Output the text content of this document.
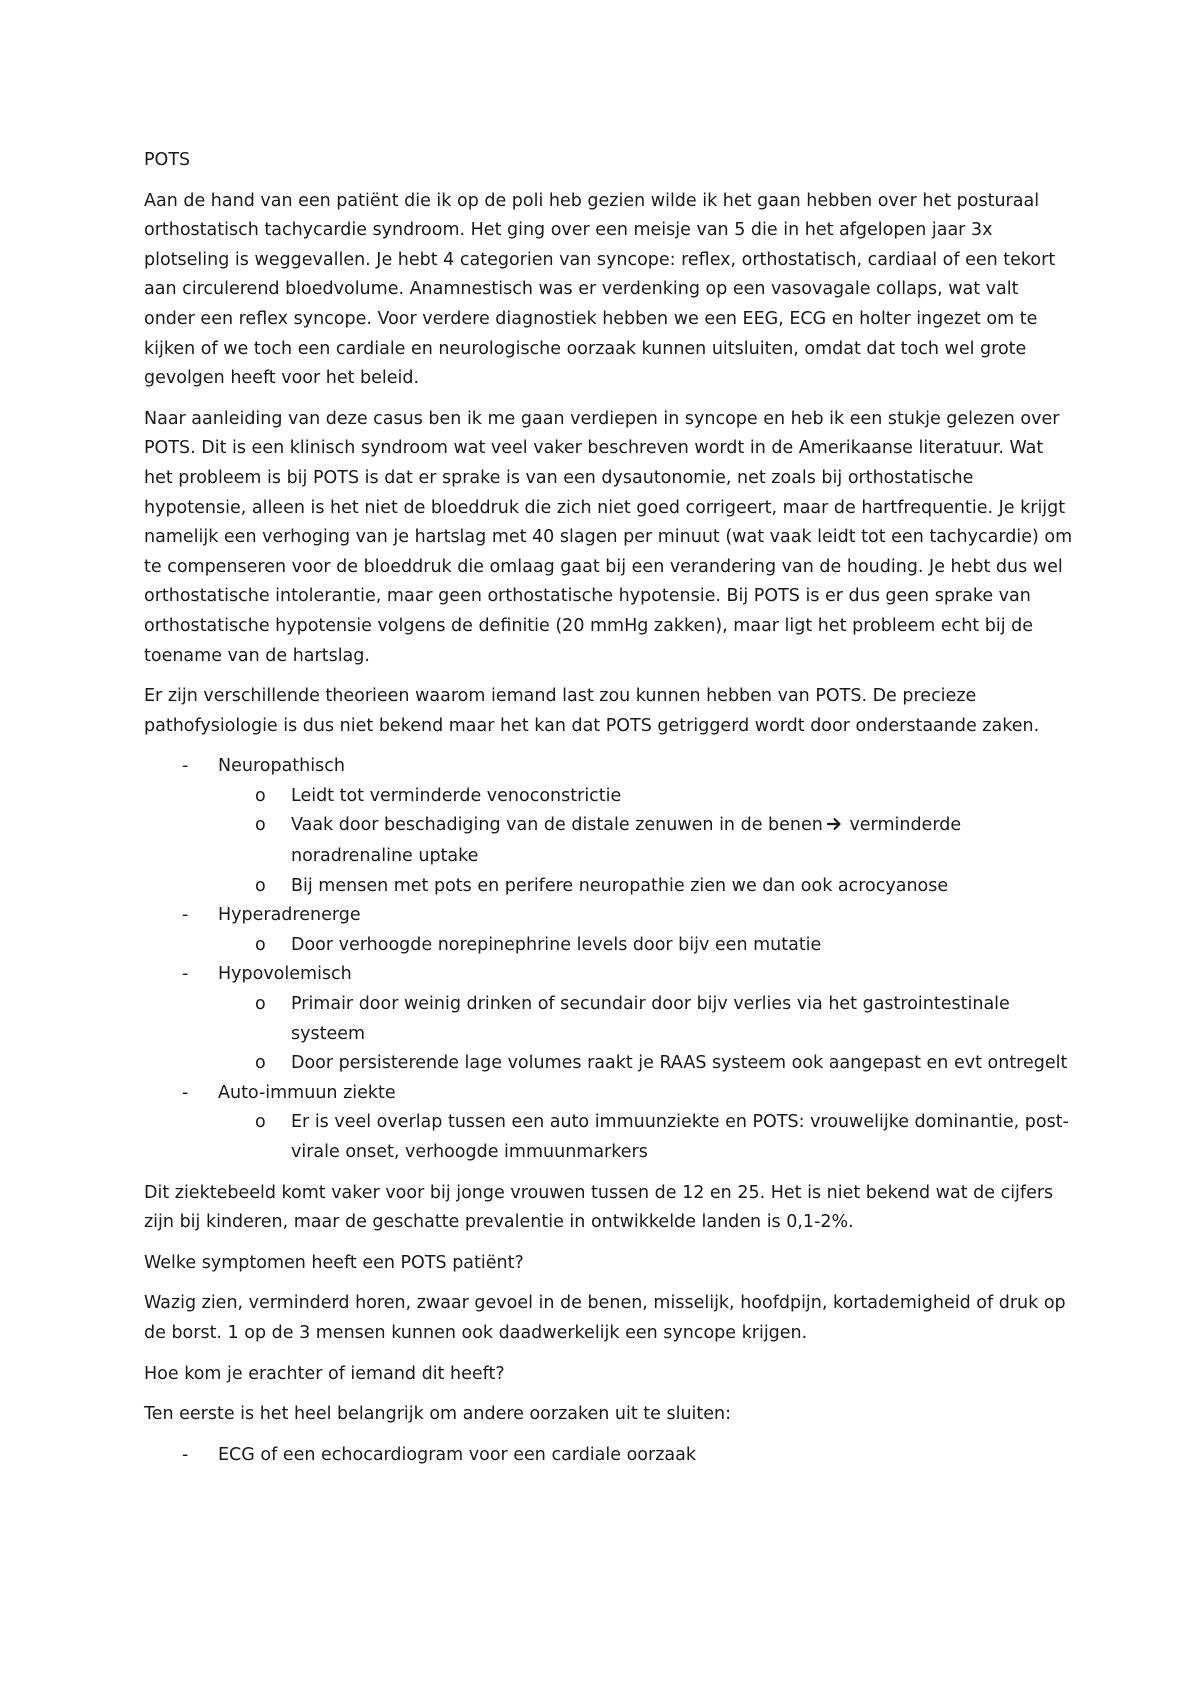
POTS

Aan de hand van een patiënt die ik op de poli heb gezien wilde ik het gaan hebben over het posturaal orthostatisch tachycardie syndroom. Het ging over een meisje van 5 die in het afgelopen jaar 3x plotseling is weggevallen. Je hebt 4 categorien van syncope: reflex, orthostatisch, cardiaal of een tekort aan circulerend bloedvolume. Anamnestisch was er verdenking op een vasovagale collaps, wat valt onder een reflex syncope. Voor verdere diagnostiek hebben we een EEG, ECG en holter ingezet om te kijken of we toch een cardiale en neurologische oorzaak kunnen uitsluiten, omdat dat toch wel grote gevolgen heeft voor het beleid.

Naar aanleiding van deze casus ben ik me gaan verdiepen in syncope en heb ik een stukje gelezen over POTS. Dit is een klinisch syndroom wat veel vaker beschreven wordt in de Amerikaanse literatuur. Wat het probleem is bij POTS is dat er sprake is van een dysautonomie, net zoals bij orthostatische hypotensie, alleen is het niet de bloeddruk die zich niet goed corrigeert, maar de hartfrequentie. Je krijgt namelijk een verhoging van je hartslag met 40 slagen per minuut (wat vaak leidt tot een tachycardie) om te compenseren voor de bloeddruk die omlaag gaat bij een verandering van de houding. Je hebt dus wel orthostatische intolerantie, maar geen orthostatische hypotensie. Bij POTS is er dus geen sprake van orthostatische hypotensie volgens de definitie (20 mmHg zakken), maar ligt het probleem echt bij de toename van de hartslag.

Er zijn verschillende theorieen waarom iemand last zou kunnen hebben van POTS. De precieze pathofysiologie is dus niet bekend maar het kan dat POTS getriggerd wordt door onderstaande zaken.

- Neuropathisch
o Leidt tot verminderde venoconstrictie
o Vaak door beschadiging van de distale zenuwen in de benen verminderde noradrenaline uptake
o Bij mensen met pots en perifere neuropathie zien we dan ook acrocyanose
- Hyperadrenerge
o Door verhoogde norepinephrine levels door bijv een mutatie
- Hypovolemisch
o Primair door weinig drinken of secundair door bijv verlies via het gastrointestinale systeem
o Door persisterende lage volumes raakt je RAAS systeem ook aangepast en evt ontregelt
- Auto-immuun ziekte
o Er is veel overlap tussen een auto immuunziekte en POTS: vrouwelijke dominantie, post-virale onset, verhoogde immuunmarkers

Dit ziektebeeld komt vaker voor bij jonge vrouwen tussen de 12 en 25. Het is niet bekend wat de cijfers zijn bij kinderen, maar de geschatte prevalentie in ontwikkelde landen is 0,1-2%.

Welke symptomen heeft een POTS patiënt?

Wazig zien, verminderd horen, zwaar gevoel in de benen, misselijk, hoofdpijn, kortademigheid of druk op de borst. 1 op de 3 mensen kunnen ook daadwerkelijk een syncope krijgen.

Hoe kom je erachter of iemand dit heeft?

Ten eerste is het heel belangrijk om andere oorzaken uit te sluiten:

- ECG of een echocardiogram voor een cardiale oorzaak
